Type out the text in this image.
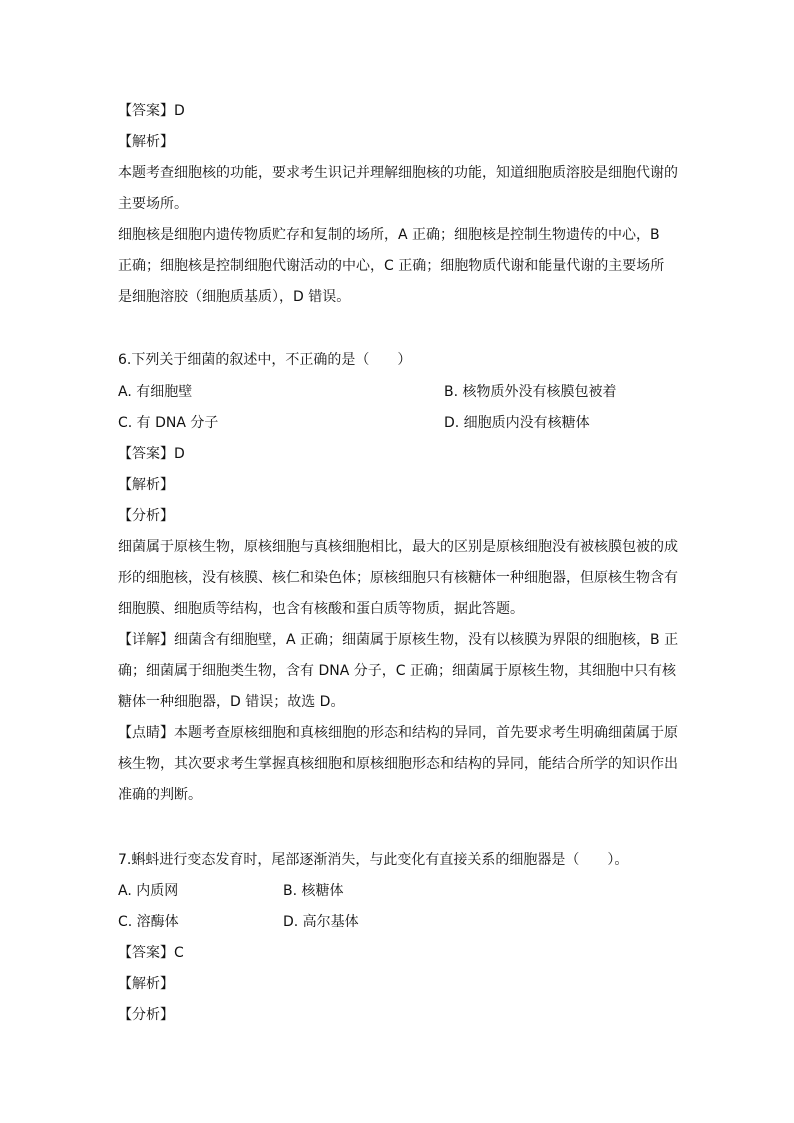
【答案】D
【解析】
本题考查细胞核的功能，要求考生识记并理解细胞核的功能，知道细胞质溶胶是细胞代谢的
主要场所。
细胞核是细胞内遗传物质贮存和复制的场所，A 正确；细胞核是控制生物遗传的中心，B
正确；细胞核是控制细胞代谢活动的中心，C 正确；细胞物质代谢和能量代谢的主要场所
是细胞溶胶（细胞质基质），D 错误。
6.下列关于细菌的叙述中，不正确的是（　　）
A. 有细胞壁	B. 核物质外没有核膜包被着
C. 有 DNA 分子	D. 细胞质内没有核糖体
【答案】D
【解析】
【分析】
细菌属于原核生物，原核细胞与真核细胞相比，最大的区别是原核细胞没有被核膜包被的成
形的细胞核，没有核膜、核仁和染色体；原核细胞只有核糖体一种细胞器，但原核生物含有
细胞膜、细胞质等结构，也含有核酸和蛋白质等物质，据此答题。
【详解】细菌含有细胞壁，A 正确；细菌属于原核生物，没有以核膜为界限的细胞核，B 正
确；细菌属于细胞类生物，含有 DNA 分子，C 正确；细菌属于原核生物，其细胞中只有核
糖体一种细胞器，D 错误；故选 D。
【点睛】本题考查原核细胞和真核细胞的形态和结构的异同，首先要求考生明确细菌属于原
核生物，其次要求考生掌握真核细胞和原核细胞形态和结构的异同，能结合所学的知识作出
准确的判断。
7.蝌蚪进行变态发育时，尾部逐渐消失，与此变化有直接关系的细胞器是（　　）。
A. 内质网	B. 核糖体
C. 溶酶体	D. 高尔基体
【答案】C
【解析】
【分析】
